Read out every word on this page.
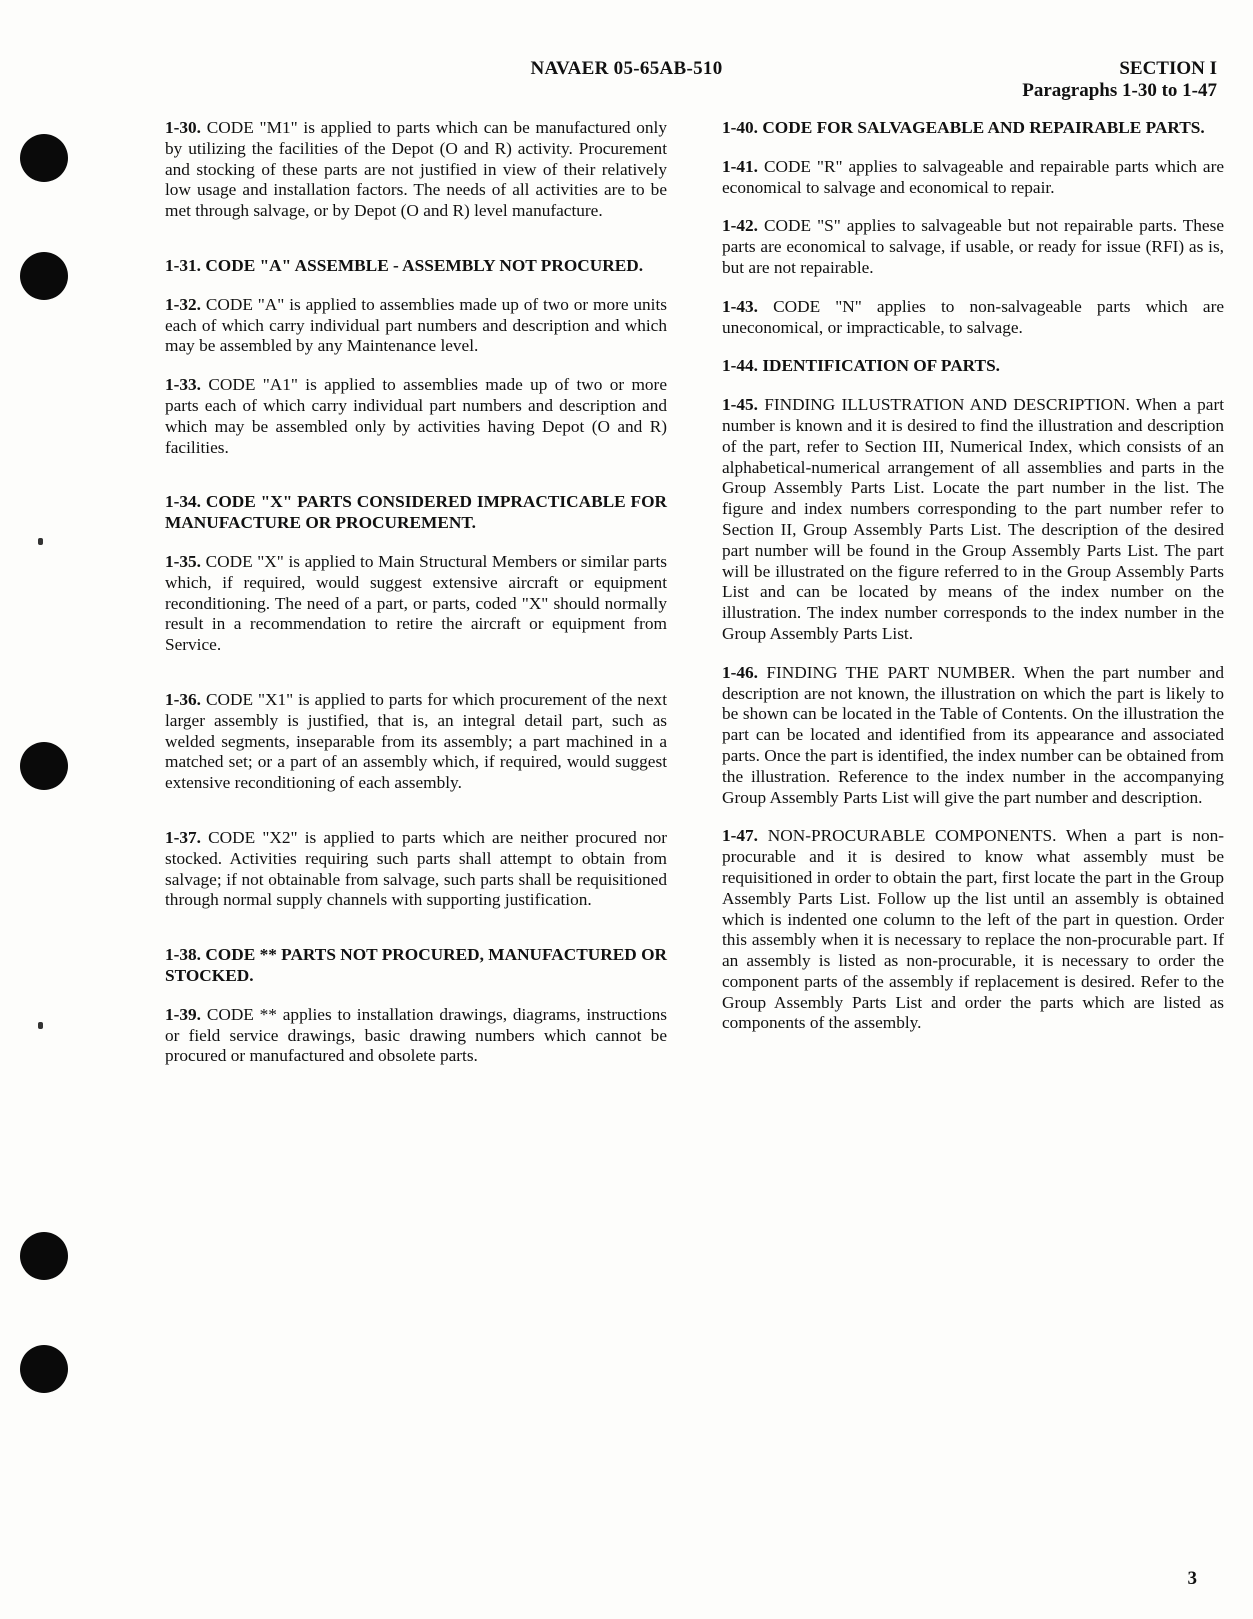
NAVAER 05-65AB-510	SECTION I
Paragraphs 1-30 to 1-47

1-30. CODE "M1" is applied to parts which can be manufactured only by utilizing the facilities of the Depot (O and R) activity. Procurement and stocking of these parts are not justified in view of their relatively low usage and installation factors. The needs of all activities are to be met through salvage, or by Depot (O and R) level manufacture.

1-31. CODE "A" ASSEMBLE - ASSEMBLY NOT PROCURED.

1-32. CODE "A" is applied to assemblies made up of two or more units each of which carry individual part numbers and description and which may be assembled by any Maintenance level.

1-33. CODE "A1" is applied to assemblies made up of two or more parts each of which carry individual part numbers and description and which may be assembled only by activities having Depot (O and R) facilities.

1-34. CODE "X" PARTS CONSIDERED IMPRACTICABLE FOR MANUFACTURE OR PROCUREMENT.

1-35. CODE "X" is applied to Main Structural Members or similar parts which, if required, would suggest extensive aircraft or equipment reconditioning. The need of a part, or parts, coded "X" should normally result in a recommendation to retire the aircraft or equipment from Service.

1-36. CODE "X1" is applied to parts for which procurement of the next larger assembly is justified, that is, an integral detail part, such as welded segments, inseparable from its assembly; a part machined in a matched set; or a part of an assembly which, if required, would suggest extensive reconditioning of each assembly.

1-37. CODE "X2" is applied to parts which are neither procured nor stocked. Activities requiring such parts shall attempt to obtain from salvage; if not obtainable from salvage, such parts shall be requisitioned through normal supply channels with supporting justification.

1-38. CODE ** PARTS NOT PROCURED, MANUFACTURED OR STOCKED.

1-39. CODE ** applies to installation drawings, diagrams, instructions or field service drawings, basic drawing numbers which cannot be procured or manufactured and obsolete parts.

1-40. CODE FOR SALVAGEABLE AND REPAIRABLE PARTS.

1-41. CODE "R" applies to salvageable and repairable parts which are economical to salvage and economical to repair.

1-42. CODE "S" applies to salvageable but not repairable parts. These parts are economical to salvage, if usable, or ready for issue (RFI) as is, but are not repairable.

1-43. CODE "N" applies to non-salvageable parts which are uneconomical, or impracticable, to salvage.

1-44. IDENTIFICATION OF PARTS.

1-45. FINDING ILLUSTRATION AND DESCRIPTION. When a part number is known and it is desired to find the illustration and description of the part, refer to Section III, Numerical Index, which consists of an alphabetical-numerical arrangement of all assemblies and parts in the Group Assembly Parts List. Locate the part number in the list. The figure and index numbers corresponding to the part number refer to Section II, Group Assembly Parts List. The description of the desired part number will be found in the Group Assembly Parts List. The part will be illustrated on the figure referred to in the Group Assembly Parts List and can be located by means of the index number on the illustration. The index number corresponds to the index number in the Group Assembly Parts List.

1-46. FINDING THE PART NUMBER. When the part number and description are not known, the illustration on which the part is likely to be shown can be located in the Table of Contents. On the illustration the part can be located and identified from its appearance and associated parts. Once the part is identified, the index number can be obtained from the illustration. Reference to the index number in the accompanying Group Assembly Parts List will give the part number and description.

1-47. NON-PROCURABLE COMPONENTS. When a part is non-procurable and it is desired to know what assembly must be requisitioned in order to obtain the part, first locate the part in the Group Assembly Parts List. Follow up the list until an assembly is obtained which is indented one column to the left of the part in question. Order this assembly when it is necessary to replace the non-procurable part. If an assembly is listed as non-procurable, it is necessary to order the component parts of the assembly if replacement is desired. Refer to the Group Assembly Parts List and order the parts which are listed as components of the assembly.

3
